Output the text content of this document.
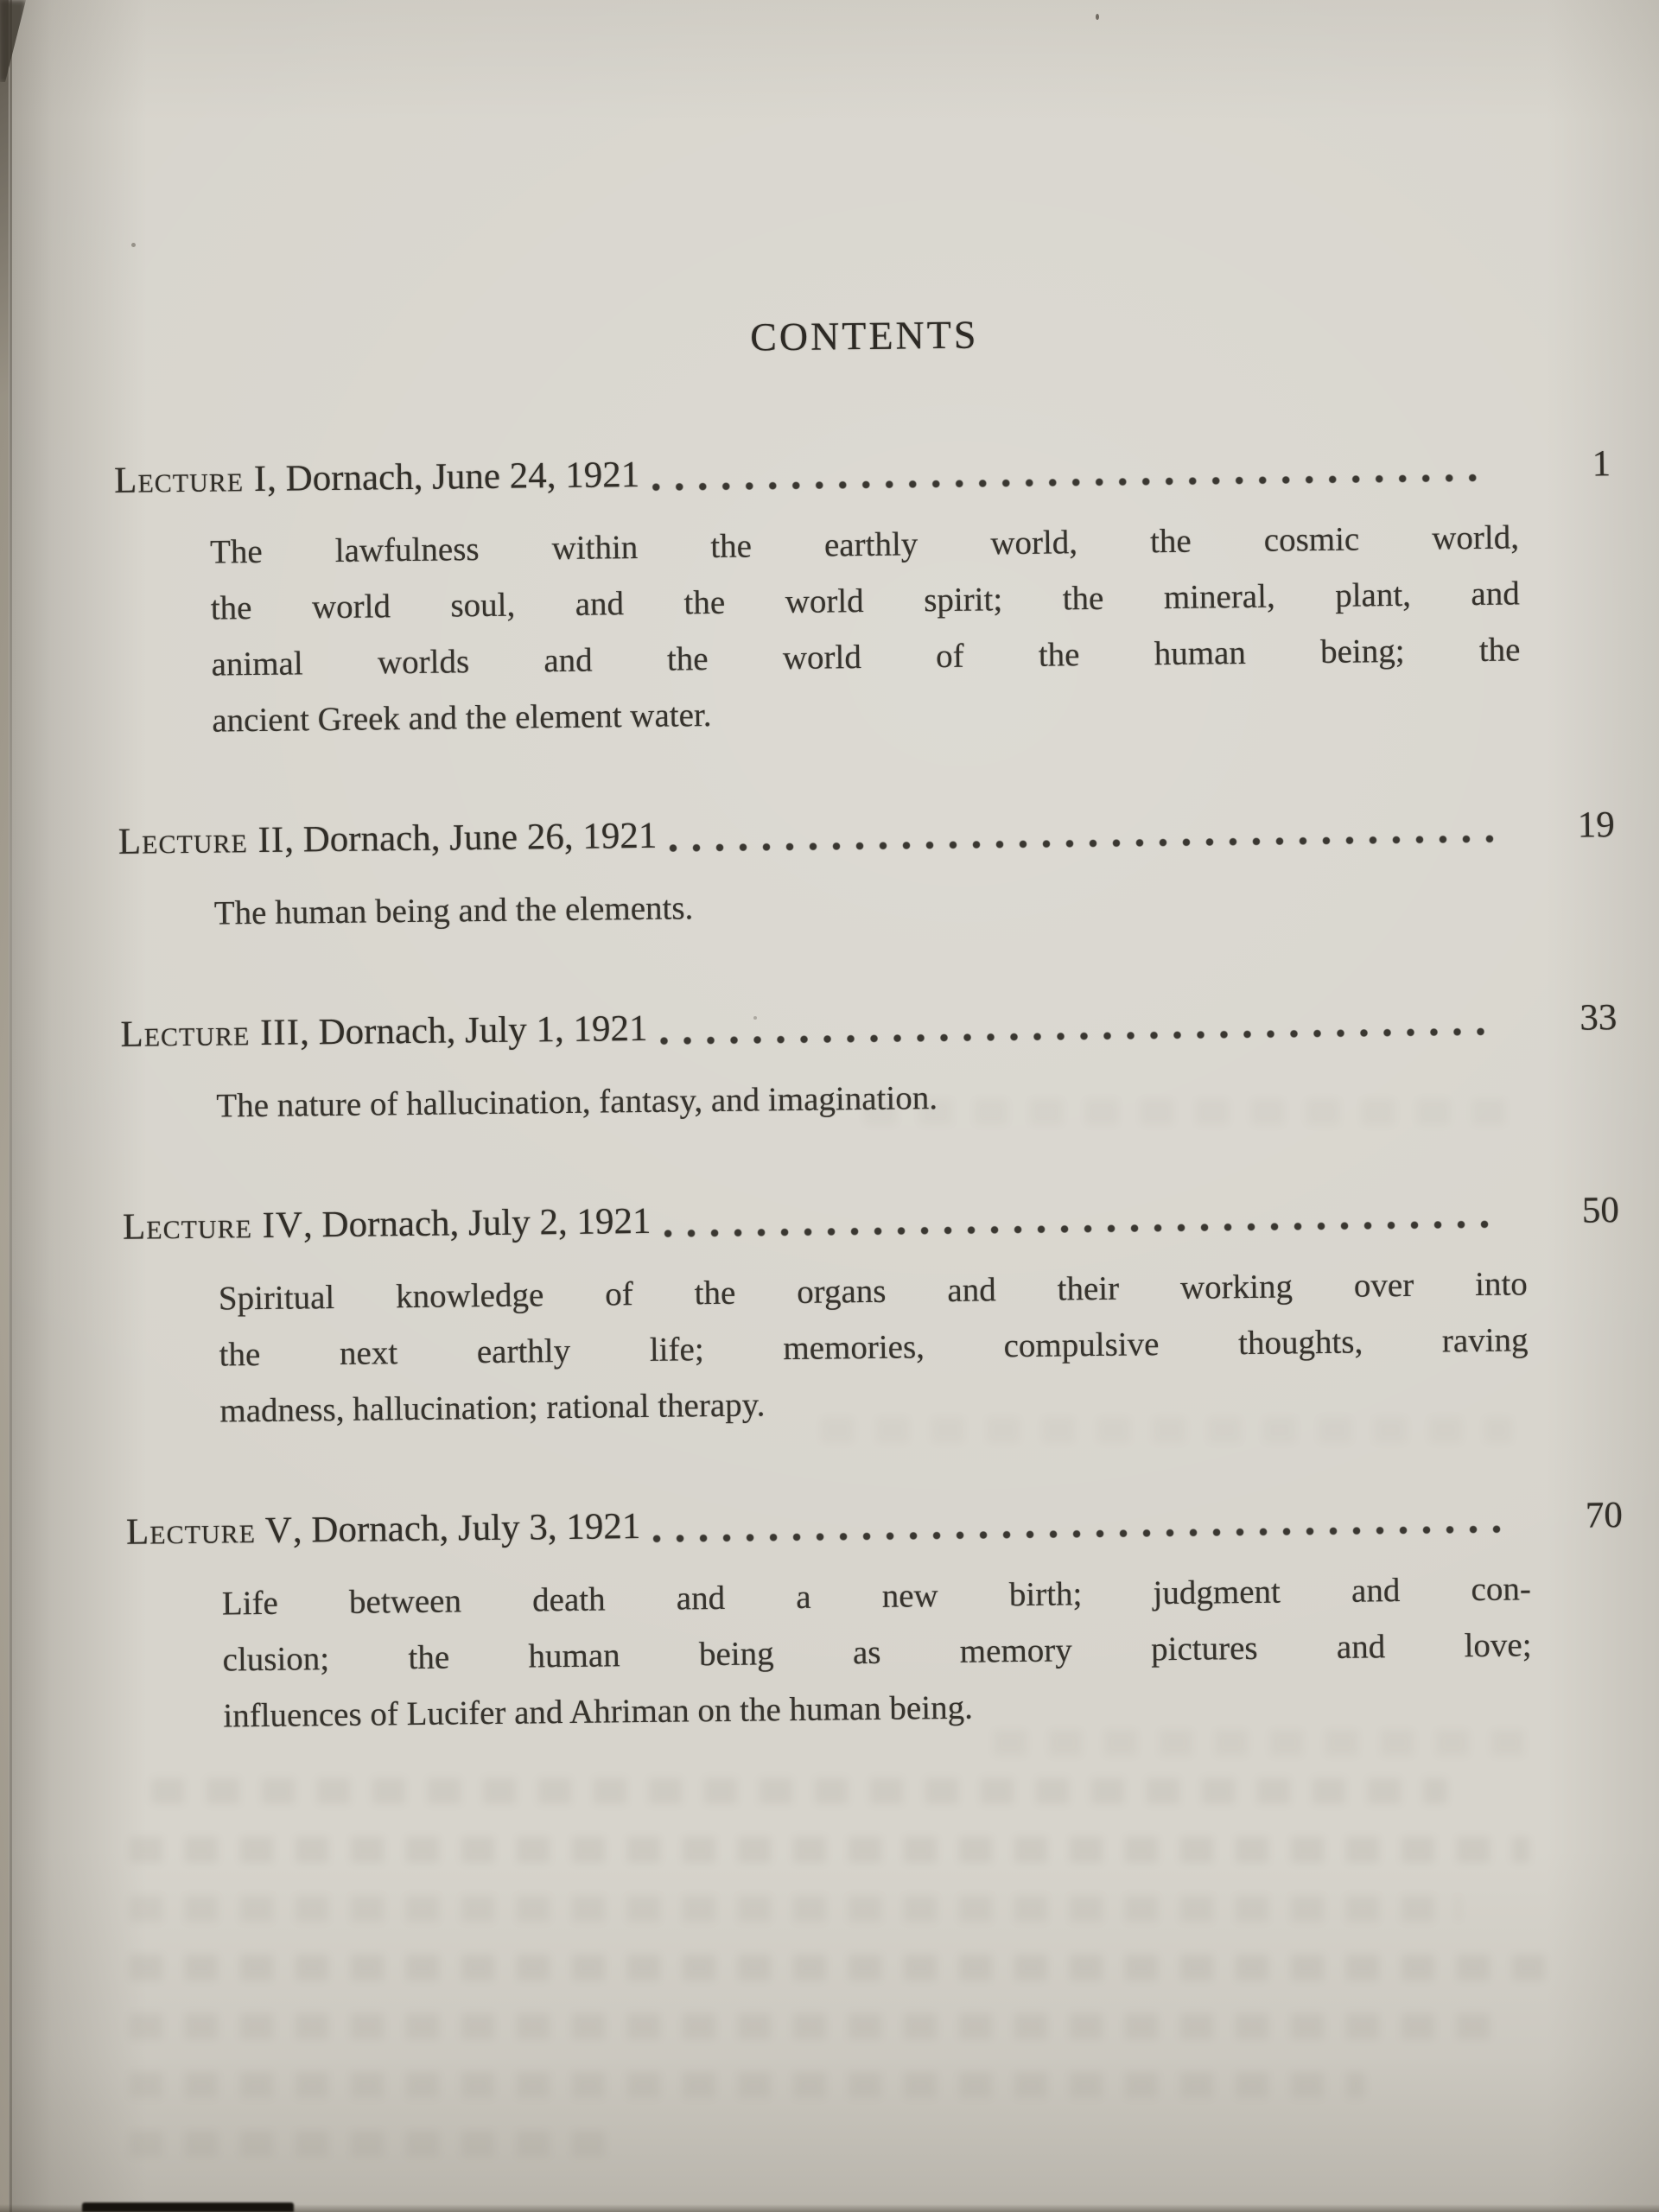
CONTENTS
Lecture I , Dornach, June 24, 1921	1
The lawfulness within the earthly world, the cosmic world,
the world soul, and the world spirit; the mineral, plant, and
animal worlds and the world of the human being; the
ancient Greek and the element water.
Lecture II , Dornach, June 26, 1921	19
The human being and the elements.
Lecture III , Dornach, July 1, 1921	33
The nature of hallucination, fantasy, and imagination.
Lecture IV , Dornach, July 2, 1921	50
Spiritual knowledge of the organs and their working over into
the next earthly life; memories, compulsive thoughts, raving
madness, hallucination; rational therapy.
Lecture V , Dornach, July 3, 1921	70
Life between death and a new birth; judgment and con-
clusion; the human being as memory pictures and love;
influences of Lucifer and Ahriman on the human being.
